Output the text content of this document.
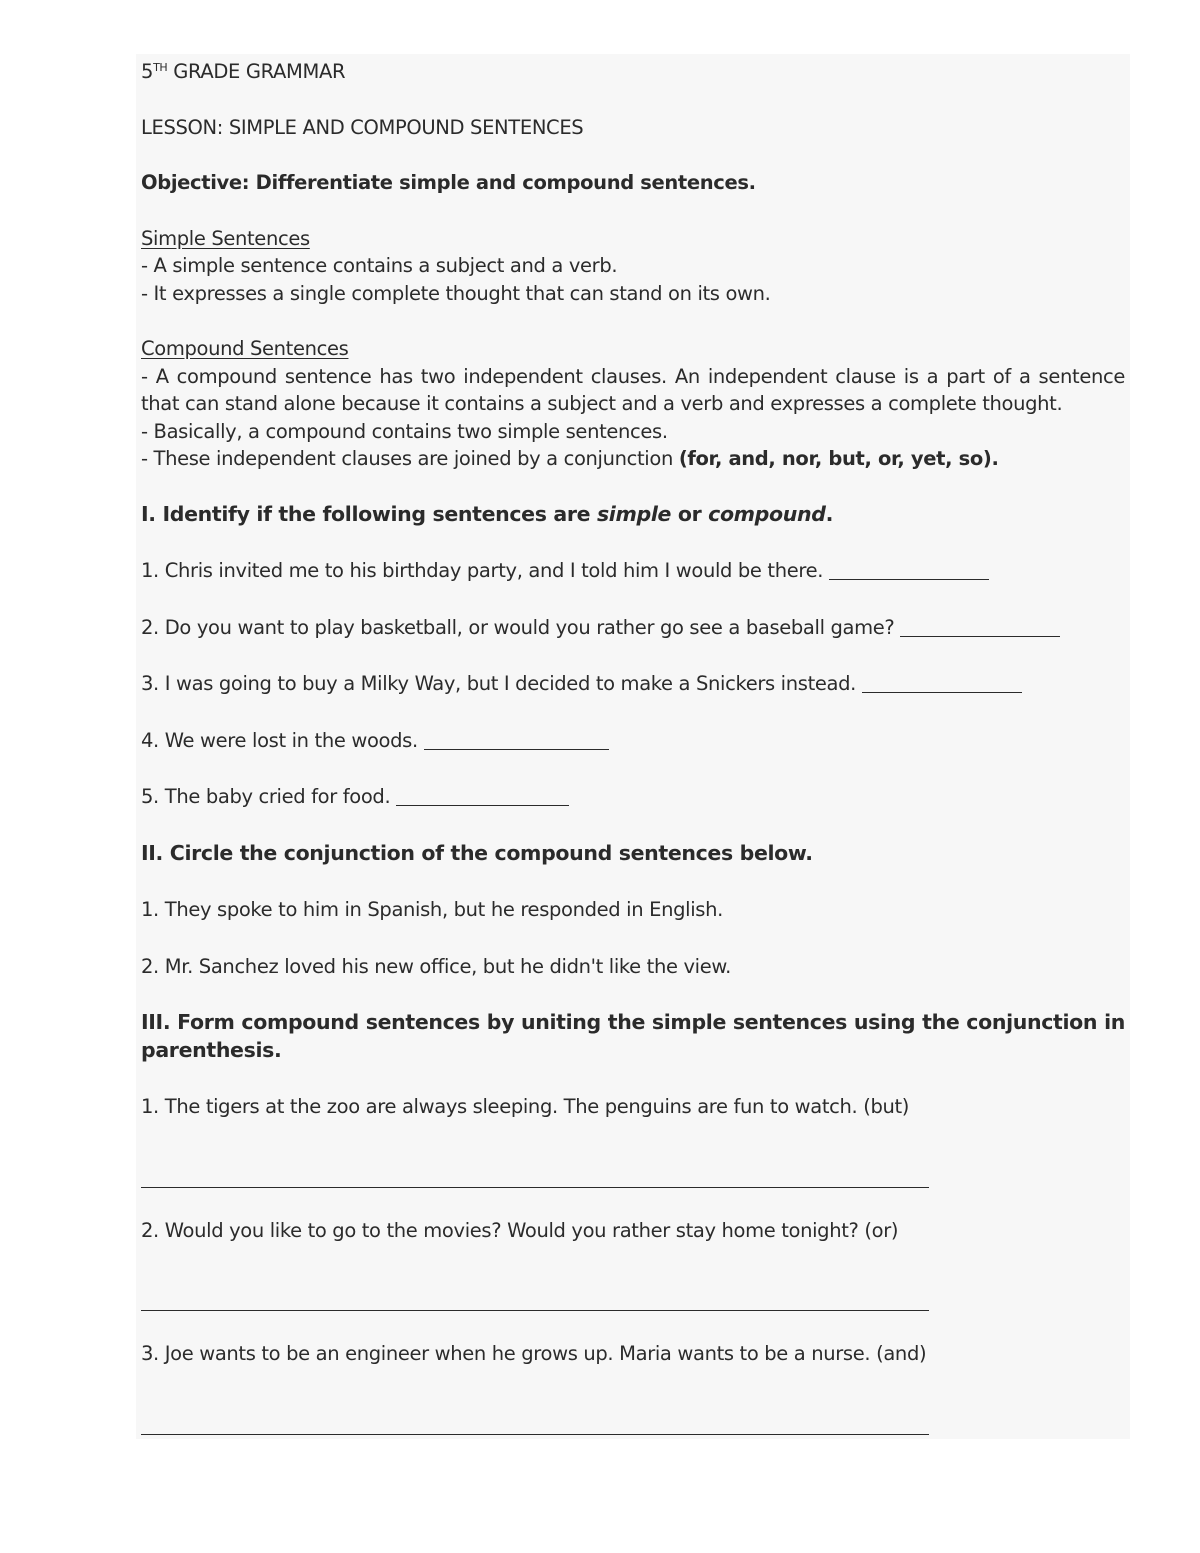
5TH GRADE GRAMMAR

LESSON: SIMPLE AND COMPOUND SENTENCES

Objective: Differentiate simple and compound sentences.

Simple Sentences

- A simple sentence contains a subject and a verb.

- It expresses a single complete thought that can stand on its own.

Compound Sentences

- A compound sentence has two independent clauses. An independent clause is a part of a sentence that can stand alone because it contains a subject and a verb and expresses a complete thought.

- Basically, a compound contains two simple sentences.

- These independent clauses are joined by a conjunction (for, and, nor, but, or, yet, so).

I. Identify if the following sentences are simple or compound.

1. Chris invited me to his birthday party, and I told him I would be there.

2. Do you want to play basketball, or would you rather go see a baseball game?

3. I was going to buy a Milky Way, but I decided to make a Snickers instead.

4. We were lost in the woods.

5. The baby cried for food.

II. Circle the conjunction of the compound sentences below.

1. They spoke to him in Spanish, but he responded in English.

2. Mr. Sanchez loved his new office, but he didn't like the view.

III. Form compound sentences by uniting the simple sentences using the conjunction in parenthesis.

1. The tigers at the zoo are always sleeping. The penguins are fun to watch. (but)

2. Would you like to go to the movies? Would you rather stay home tonight? (or)

3. Joe wants to be an engineer when he grows up. Maria wants to be a nurse. (and)
